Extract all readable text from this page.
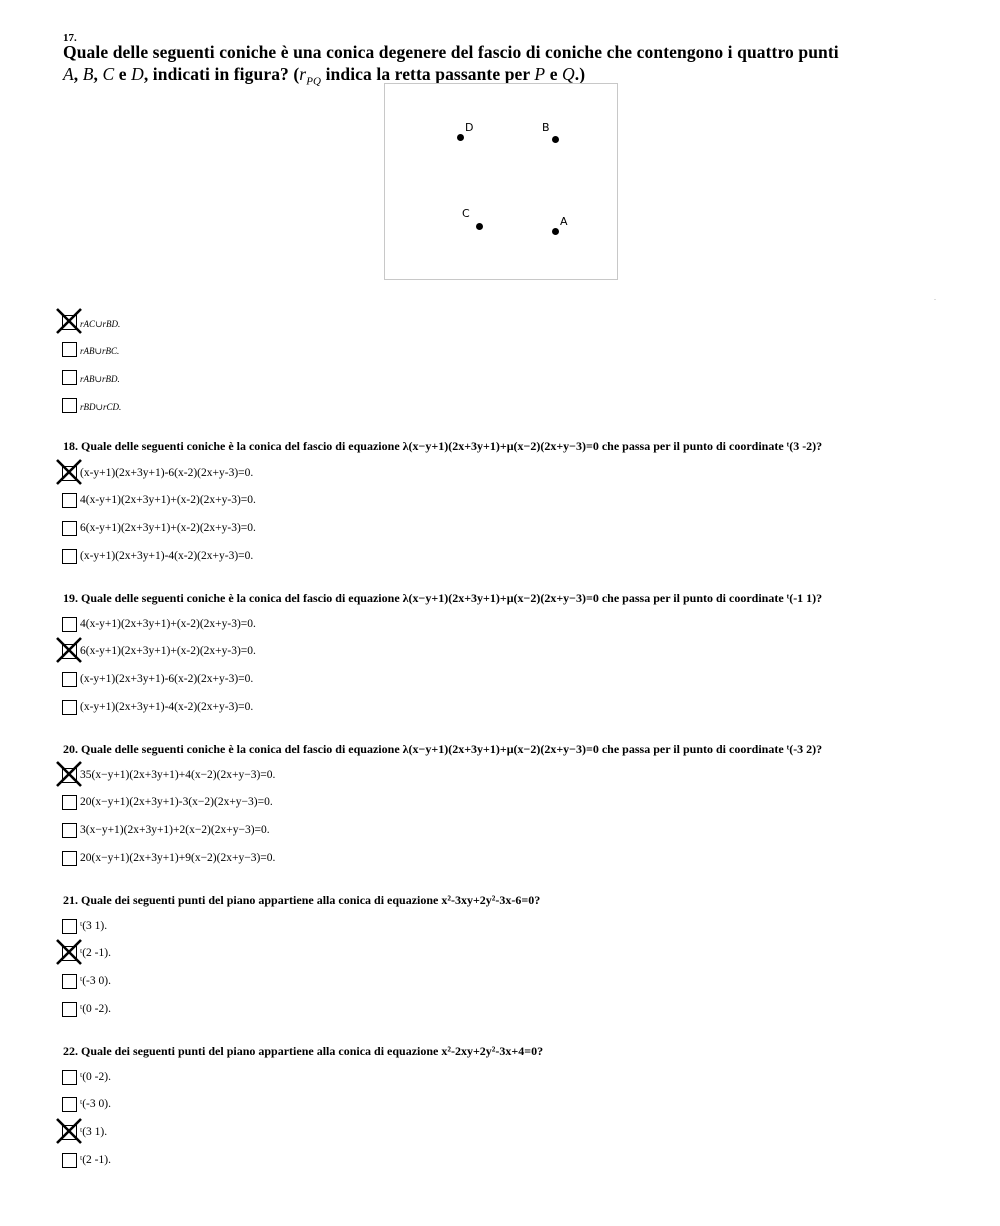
17.
Quale delle seguenti coniche è una conica degenere del fascio di coniche che contengono i quattro punti
A, B, C e D, indicati in figura? ($r_{PQ}$ indica la retta passante per P e Q.)
D	B
C
A
18. Quale delle seguenti coniche è la conica del fascio di equazione λ(x−y+1)(2x+3y+1)+μ(x−2)(2x+y−3)=0 che passa per il punto di coordinate ᵗ(3 -2)?
19. Quale delle seguenti coniche è la conica del fascio di equazione λ(x−y+1)(2x+3y+1)+μ(x−2)(2x+y−3)=0 che passa per il punto di coordinate ᵗ(-1 1)?
20. Quale delle seguenti coniche è la conica del fascio di equazione λ(x−y+1)(2x+3y+1)+μ(x−2)(2x+y−3)=0 che passa per il punto di coordinate ᵗ(-3 2)?
21. Quale dei seguenti punti del piano appartiene alla conica di equazione x²-3xy+2y²-3x-6=0?
22. Quale dei seguenti punti del piano appartiene alla conica di equazione x²-2xy+2y²-3x+4=0?
rAC∪rBD.
rAB∪rBC.
rAB∪rBD.
rBD∪rCD.
(x-y+1)(2x+3y+1)-6(x-2)(2x+y-3)=0.
4(x-y+1)(2x+3y+1)+(x-2)(2x+y-3)=0.
6(x-y+1)(2x+3y+1)+(x-2)(2x+y-3)=0.
(x-y+1)(2x+3y+1)-4(x-2)(2x+y-3)=0.
4(x-y+1)(2x+3y+1)+(x-2)(2x+y-3)=0.
6(x-y+1)(2x+3y+1)+(x-2)(2x+y-3)=0.
(x-y+1)(2x+3y+1)-6(x-2)(2x+y-3)=0.
(x-y+1)(2x+3y+1)-4(x-2)(2x+y-3)=0.
35(x−y+1)(2x+3y+1)+4(x−2)(2x+y−3)=0.
20(x−y+1)(2x+3y+1)-3(x−2)(2x+y−3)=0.
3(x−y+1)(2x+3y+1)+2(x−2)(2x+y−3)=0.
20(x−y+1)(2x+3y+1)+9(x−2)(2x+y−3)=0.
ᵗ(3 1).
ᵗ(2 -1).
ᵗ(-3 0).
ᵗ(0 -2).
ᵗ(0 -2).
ᵗ(-3 0).
ᵗ(3 1).
ᵗ(2 -1).
